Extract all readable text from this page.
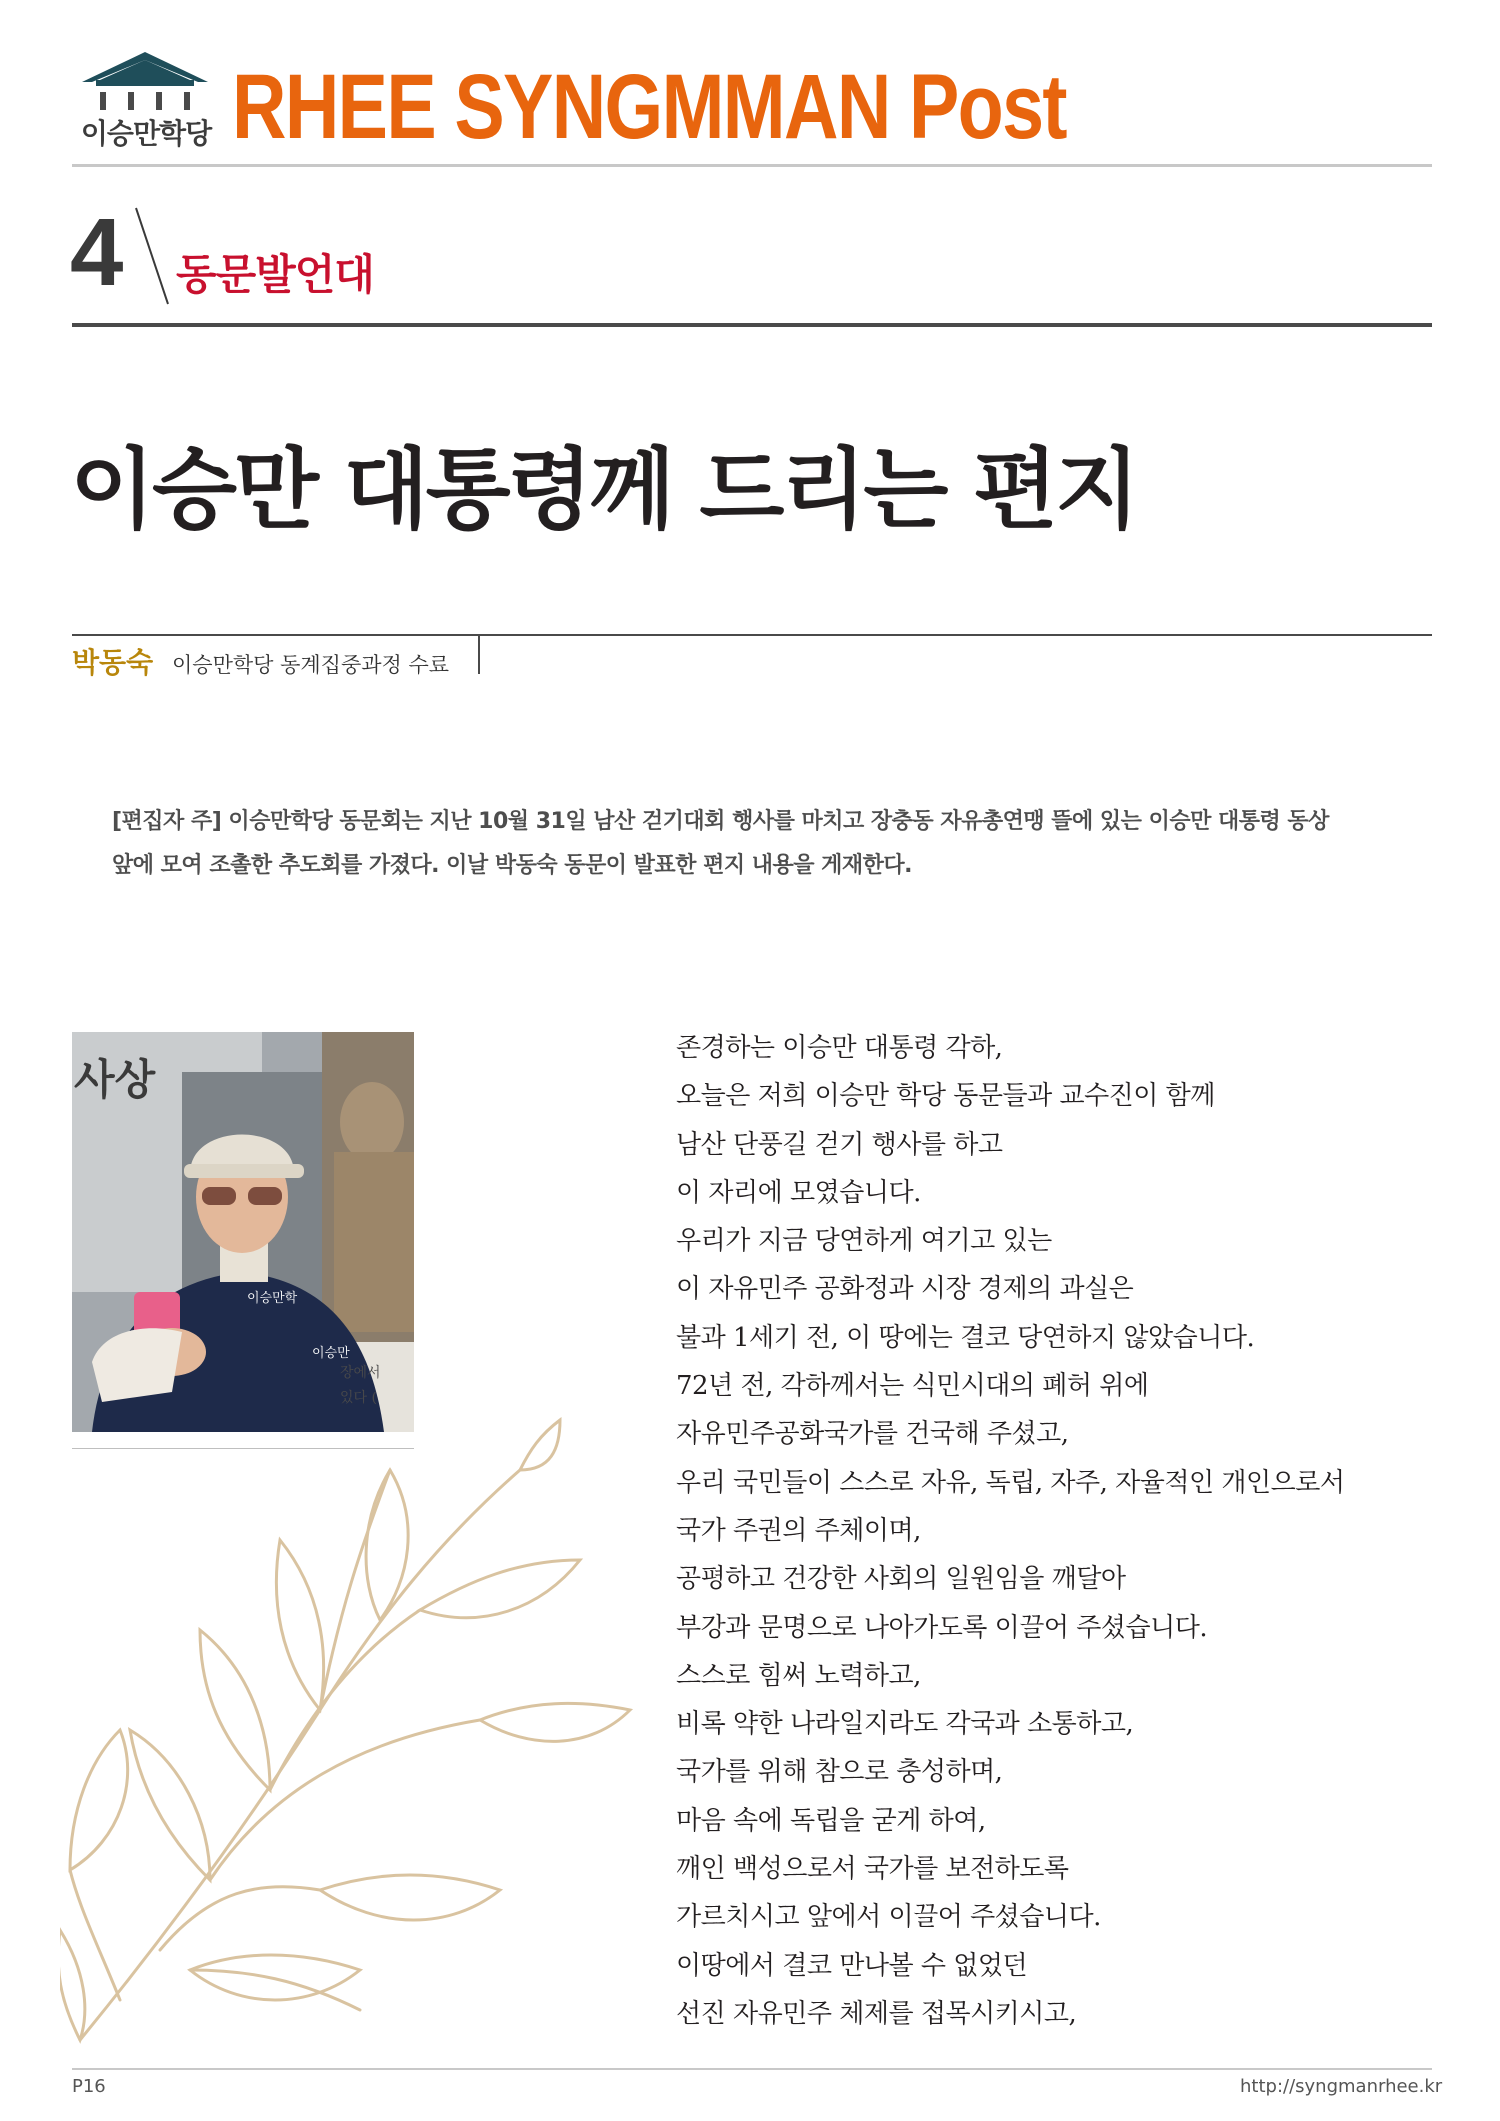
이승만학당 RHEE SYNGMMAN Post
4 동문발언대
이승만 대통령께 드리는 편지
박동숙 이승만학당 동계집중과정 수료

[편집자 주] 이승만학당 동문회는 지난 10월 31일 남산 걷기대회 행사를 마치고 장충동 자유총연맹 뜰에 있는 이승만 대통령 동상

앞에 모여 조촐한 추도회를 가졌다. 이날 박동숙 동문이 발표한 편지 내용을 게재한다.

사상
이승만학
이승만
장에서
있다 (

존경하는 이승만 대통령 각하,

오늘은 저희 이승만 학당 동문들과 교수진이 함께

남산 단풍길 걷기 행사를 하고

이 자리에 모였습니다.

우리가 지금 당연하게 여기고 있는

이 자유민주 공화정과 시장 경제의 과실은

불과 1세기 전, 이 땅에는 결코 당연하지 않았습니다.

72년 전, 각하께서는 식민시대의 폐허 위에

자유민주공화국가를 건국해 주셨고,

우리 국민들이 스스로 자유, 독립, 자주, 자율적인 개인으로서

국가 주권의 주체이며,

공평하고 건강한 사회의 일원임을 깨달아

부강과 문명으로 나아가도록 이끌어 주셨습니다.

스스로 힘써 노력하고,

비록 약한 나라일지라도 각국과 소통하고,

국가를 위해 참으로 충성하며,

마음 속에 독립을 굳게 하여,

깨인 백성으로서 국가를 보전하도록

가르치시고 앞에서 이끌어 주셨습니다.

이땅에서 결코 만나볼 수 없었던

선진 자유민주 체제를 접목시키시고,

P16	http://syngmanrhee.kr
